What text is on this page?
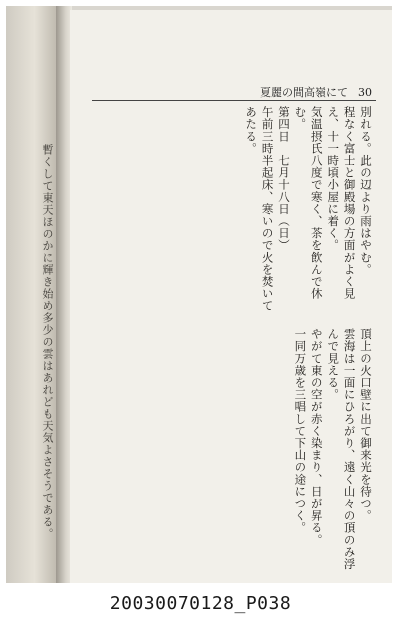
暫くして東天ほのかに輝き始め多少の雲はあれども天気よさそうである。
夏麗の間高嶺にて 30

別れる。此の辺より雨はやむ。

程なく富士と御殿場の方面がよく見え、十一時頃小屋に着く。

気温摂氏八度で寒く、茶を飲んで休む。

第四日　七月十八日（日）

午前三時半起床、寒いので火を焚いてあたる。

頂上の火口壁に出て御来光を待つ。

雲海は一面にひろがり、遠く山々の頂のみ浮んで見える。

やがて東の空が赤く染まり、日が昇る。

一同万歳を三唱して下山の途につく。

20030070128_P038
